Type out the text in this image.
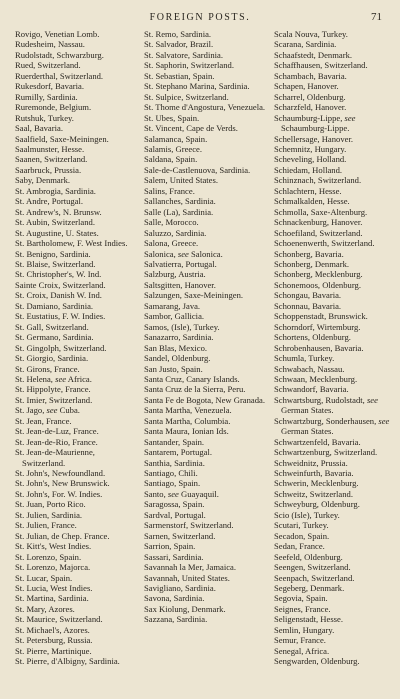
FOREIGN POSTS.	71
Rovigo, Venetian Lomb.
Rudesheim, Nassau.
Rudolstadt, Schwarzburg.
Rued, Switzerland.
Ruerderthal, Switzerland.
Rukesdorf, Bavaria.
Rumilly, Sardinia.
Ruremonde, Belgium.
Rutshuk, Turkey.
Saal, Bavaria.
Saalfield, Saxe-Meiningen.
Saalmunster, Hesse.
Saanen, Switzerland.
Saarbruck, Prussia.
Saby, Denmark.
St. Ambrogia, Sardinia.
St. Andre, Portugal.
St. Andrew's, N. Brunsw.
St. Aubin, Switzerland.
St. Augustine, U. States.
St. Bartholomew, F. West Indies.
St. Benigno, Sardinia.
St. Blaise, Switzerland.
St. Christopher's, W. Ind.
Sainte Croix, Switzerland.
St. Croix, Danish W. Ind.
St. Damiano, Sardinia.
St. Eustatius, F. W. Indies.
St. Gall, Switzerland.
St. Germano, Sardinia.
St. Gingolph, Switzerland.
St. Giorgio, Sardinia.
St. Girons, France.
St. Helena, see Africa.
St. Hippolyte, France.
St. Imier, Switzerland.
St. Jago, see Cuba.
St. Jean, France.
St. Jean-de-Luz, France.
St. Jean-de-Rio, France.
St. Jean-de-Maurienne, Switzerland.
St. John's, Newfoundland.
St. John's, New Brunswick.
St. John's, For. W. Indies.
St. Juan, Porto Rico.
St. Julien, Sardinia.
St. Julien, France.
St. Julian, de Chep. France.
St. Kitt's, West Indies.
St. Lorenzo, Spain.
St. Lorenzo, Majorca.
St. Lucar, Spain.
St. Lucia, West Indies.
St. Martina, Sardinia.
St. Mary, Azores.
St. Maurice, Switzerland.
St. Michael's, Azores.
St. Petersburg, Russia.
St. Pierre, Martinique.
St. Pierre, d'Albigny, Sardinia.
St. Remo, Sardinia.
St. Salvador, Brazil.
St. Salvatore, Sardinia.
St. Saphorin, Switzerland.
St. Sebastian, Spain.
St. Stephano Marina, Sardinia.
St. Sulpice, Switzerland.
St. Thome d'Angostura, Venezuela.
St. Ubes, Spain.
St. Vincent, Cape de Verds.
Salamanca, Spain.
Salamis, Greece.
Saldana, Spain.
Sale-de-Castlenuova, Sardinia.
Salem, United States.
Salins, France.
Sallanches, Sardinia.
Salle (La), Sardinia.
Salle, Morocco.
Saluzzo, Sardinia.
Salona, Greece.
Salonica, see Salonica.
Salvatierra, Portugal.
Salzburg, Austria.
Saltsgitten, Hanover.
Salzungen, Saxe-Meiningen.
Samarang, Java.
Sambor, Gallicia.
Samos, (Isle), Turkey.
Sanazarro, Sardinia.
San Blas, Mexico.
Sandel, Oldenburg.
San Justo, Spain.
Santa Cruz, Canary Islands.
Santa Cruz de la Sierra, Peru.
Santa Fe de Bogota, New Granada.
Santa Martha, Venezuela.
Santa Martha, Columbia.
Santa Maura, Ionian Ids.
Santander, Spain.
Santarem, Portugal.
Santhia, Sardinia.
Santiago, Chili.
Santiago, Spain.
Santo, see Guayaquil.
Saragossa, Spain.
Sardval, Portugal.
Sarmenstorf, Switzerland.
Sarnen, Switzerland.
Sarrion, Spain.
Sassari, Sardinia.
Savannah la Mer, Jamaica.
Savannah, United States.
Savigliano, Sardinia.
Savona, Sardinia.
Sax Kiolung, Denmark.
Sazzana, Sardinia.
Scala Nouva, Turkey.
Scarana, Sardinia.
Schaafstedt, Denmark.
Schaffhausen, Switzerland.
Schambach, Bavaria.
Schapen, Hanover.
Scharrel, Oldenburg.
Scharzfeld, Hanover.
Schaumburg-Lippe, see Schaumburg-Lippe.
Schellersage, Hanover.
Schemnitz, Hungary.
Scheveling, Holland.
Schiedam, Holland.
Schinznach, Switzerland.
Schlachtern, Hesse.
Schmalkalden, Hesse.
Schmolla, Saxe-Altenburg.
Schnackenburg, Hanover.
Schoefiland, Switzerland.
Schoenenwerth, Switzerland.
Schonberg, Bavaria.
Schonberg, Denmark.
Schonberg, Mecklenburg.
Schonemoos, Oldenburg.
Schongau, Bavaria.
Schonnau, Bavaria.
Schoppenstadt, Brunswick.
Schorndorf, Wirtemburg.
Schortens, Oldenburg.
Schrobenhausen, Bavaria.
Schumla, Turkey.
Schwabach, Nassau.
Schwaan, Mecklenburg.
Schwandorf, Bavaria.
Schwartsburg, Rudolstadt, see German States.
Schwartzburg, Sonderhausen, see German States.
Schwartzenfeld, Bavaria.
Schwartzenburg, Switzerland.
Schweidnitz, Prussia.
Schweinfurth, Bavaria.
Schwerin, Mecklenburg.
Schweitz, Switzerland.
Schweyburg, Oldenburg.
Scio (Isle), Turkey.
Scutari, Turkey.
Secadon, Spain.
Sedan, France.
Seefeld, Oldenburg.
Seengen, Switzerland.
Seenpach, Switzerland.
Segeberg, Denmark.
Segovia, Spain.
Seignes, France.
Seligenstadt, Hesse.
Semlin, Hungary.
Semur, France.
Senegal, Africa.
Sengwarden, Oldenburg.
